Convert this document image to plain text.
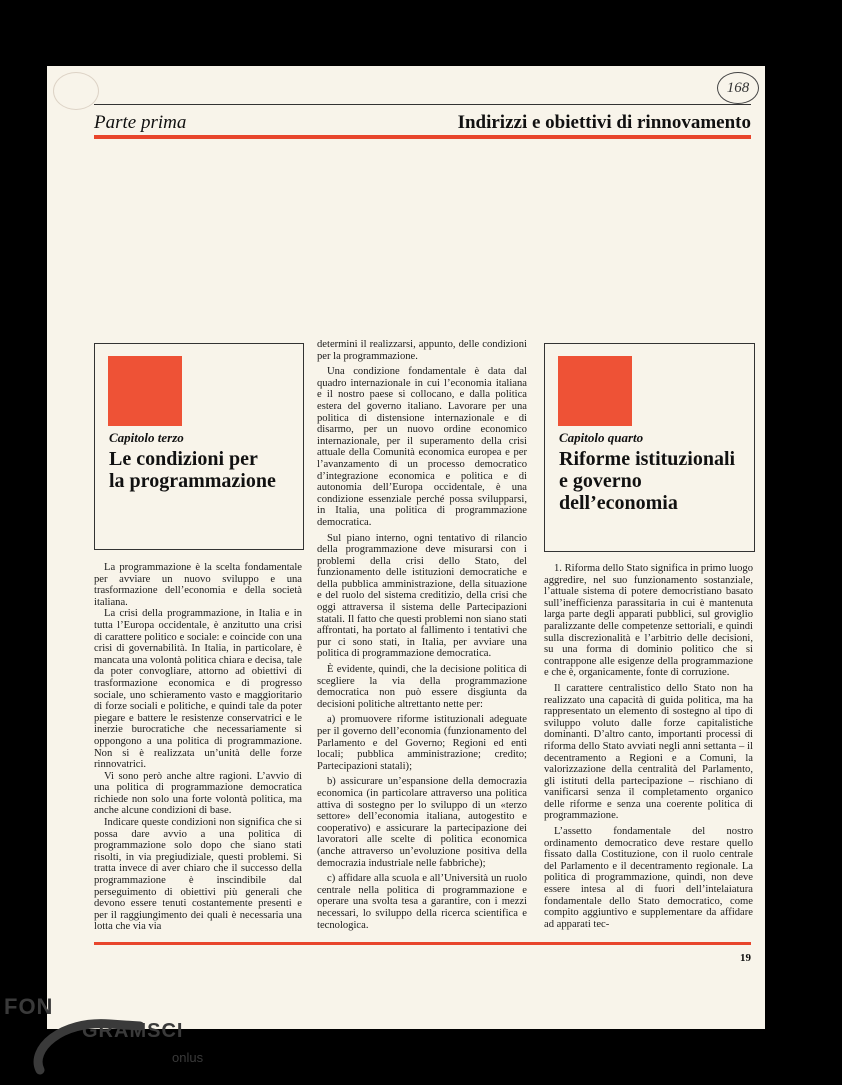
168
Parte prima	Indirizzi e obiettivi di rinnovamento
Capitolo terzo
Le condizioni per
la programmazione
Capitolo quarto
Riforme istituzionali
e governo
dell’economia

La programmazione è la scelta fondamentale per avviare un nuovo sviluppo e una trasformazione dell’economia e della società italiana.

La crisi della programmazione, in Italia e in tutta l’Europa occidentale, è anzitutto una crisi di carattere politico e sociale: e coincide con una crisi di governabilità. In Italia, in particolare, è mancata una volontà politica chiara e decisa, tale da poter convogliare, attorno ad obiettivi di trasformazione economica e di progresso sociale, uno schieramento vasto e maggioritario di forze sociali e politiche, e quindi tale da poter piegare e battere le resistenze conservatrici e le inerzie burocratiche che necessariamente si oppongono a una politica di programmazione. Non si è realizzata un’unità delle forze rinnovatrici.

Vi sono però anche altre ragioni. L’avvio di una politica di programmazione democratica richiede non solo una forte volontà politica, ma anche alcune condizioni di base.

Indicare queste condizioni non significa che si possa dare avvio a una politica di programmazione solo dopo che siano stati risolti, in via pregiudiziale, questi problemi. Si tratta invece di aver chiaro che il successo della programmazione è inscindibile dal perseguimento di obiettivi più generali che devono essere tenuti costantemente presenti e per il raggiungimento dei quali è necessaria una lotta che via via

determini il realizzarsi, appunto, delle condizioni per la programmazione.

Una condizione fondamentale è data dal quadro internazionale in cui l’economia italiana e il nostro paese si collocano, e dalla politica estera del governo italiano. Lavorare per una politica di distensione internazionale e di disarmo, per un nuovo ordine economico internazionale, per il superamento della crisi attuale della Comunità economica europea e per l’avanzamento di un processo democratico d’integrazione economica e politica e di autonomia dell’Europa occidentale, è una condizione essenziale perché possa svilupparsi, in Italia, una politica di programmazione democratica.

Sul piano interno, ogni tentativo di rilancio della programmazione deve misurarsi con i problemi della crisi dello Stato, del funzionamento delle istituzioni democratiche e della pubblica amministrazione, della situazione e del ruolo del sistema creditizio, della crisi che oggi attraversa il sistema delle Partecipazioni statali. Il fatto che questi problemi non siano stati affrontati, ha portato al fallimento i tentativi che pur ci sono stati, in Italia, per avviare una politica di programmazione democratica.

È evidente, quindi, che la decisione politica di scegliere la via della programmazione democratica non può essere disgiunta da decisioni politiche altrettanto nette per:

a) promuovere riforme istituzionali adeguate per il governo dell’economia (funzionamento del Parlamento e del Governo; Regioni ed enti locali; pubblica amministrazione; credito; Partecipazioni statali);

b) assicurare un’espansione della democrazia economica (in particolare attraverso una politica attiva di sostegno per lo sviluppo di un «terzo settore» dell’economia italiana, autogestito e cooperativo) e assicurare la partecipazione dei lavoratori alle scelte di politica economica (anche attraverso un’evoluzione positiva della democrazia industriale nelle fabbriche);

c) affidare alla scuola e all’Università un ruolo centrale nella politica di programmazione e operare una svolta tesa a garantire, con i mezzi necessari, lo sviluppo della ricerca scientifica e tecnologica.

1. Riforma dello Stato significa in primo luogo aggredire, nel suo funzionamento sostanziale, l’attuale sistema di potere democristiano basato sull’inefficienza parassitaria in cui è mantenuta larga parte degli apparati pubblici, sul groviglio paralizzante delle competenze settoriali, e quindi sulla discrezionalità e l’arbitrio delle decisioni, su una forma di dominio politico che si contrappone alle esigenze della programmazione e che è, organicamente, fonte di corruzione.

Il carattere centralistico dello Stato non ha realizzato una capacità di guida politica, ma ha rappresentato un elemento di sostegno al tipo di sviluppo voluto dalle forze capitalistiche dominanti. D’altro canto, importanti processi di riforma dello Stato avviati negli anni settanta – il decentramento a Regioni e a Comuni, la valorizzazione della centralità del Parlamento, gli istituti della partecipazione – rischiano di vanificarsi senza il completamento organico delle riforme e senza una coerente politica di programmazione.

L’assetto fondamentale del nostro ordinamento democratico deve restare quello fissato dalla Costituzione, con il ruolo centrale del Parlamento e il decentramento regionale. La politica di programmazione, quindi, non deve essere intesa al di fuori dell’intelaiatura fondamentale dello Stato democratico, come compito aggiuntivo e supplementare da affidare ad apparati tec-

19
FON
GRAMSCI
onlus
